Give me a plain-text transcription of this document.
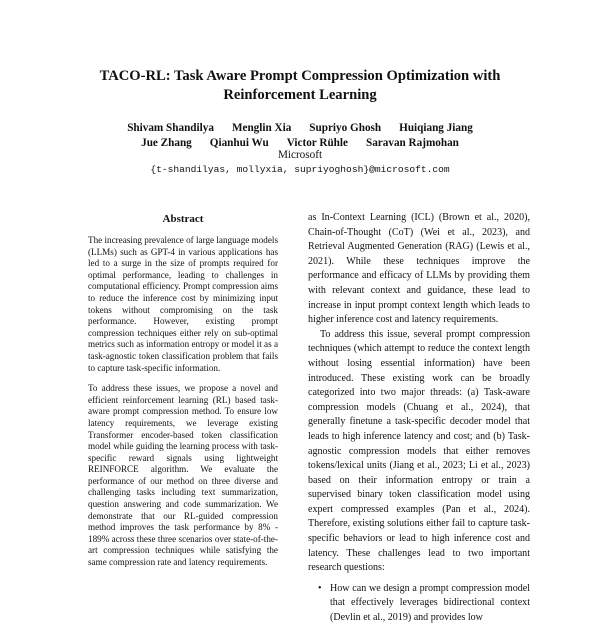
TACO-RL: Task Aware Prompt Compression Optimization with Reinforcement Learning
Shivam Shandilya Menglin Xia Supriyo Ghosh Huiqiang Jiang
Jue Zhang Qianhui Wu Victor Rühle Saravan Rajmohan
Microsoft
{t-shandilyas, mollyxia, supriyoghosh}@microsoft.com
Abstract

The increasing prevalence of large language models (LLMs) such as GPT-4 in various applications has led to a surge in the size of prompts required for optimal performance, leading to challenges in computational efficiency. Prompt compression aims to reduce the inference cost by minimizing input tokens without compromising on the task performance. However, existing prompt compression techniques either rely on sub-optimal metrics such as information entropy or model it as a task-agnostic token classification problem that fails to capture task-specific information.

To address these issues, we propose a novel and efficient reinforcement learning (RL) based task-aware prompt compression method. To ensure low latency requirements, we leverage existing Transformer encoder-based token classification model while guiding the learning process with task-specific reward signals using lightweight REINFORCE algorithm. We evaluate the performance of our method on three diverse and challenging tasks including text summarization, question answering and code summarization. We demonstrate that our RL-guided compression method improves the task performance by 8% - 189% across these three scenarios over state-of-the-art compression techniques while satisfying the same compression rate and latency requirements.

as In-Context Learning (ICL) (Brown et al., 2020), Chain-of-Thought (CoT) (Wei et al., 2023), and Retrieval Augmented Generation (RAG) (Lewis et al., 2021). While these techniques improve the performance and efficacy of LLMs by providing them with relevant context and guidance, these lead to increase in input prompt context length which leads to higher inference cost and latency requirements.

To address this issue, several prompt compression techniques (which attempt to reduce the context length without losing essential information) have been introduced. These existing work can be broadly categorized into two major threads: (a) Task-aware compression models (Chuang et al., 2024), that generally finetune a task-specific decoder model that leads to high inference latency and cost; and (b) Task-agnostic compression models that either removes tokens/lexical units (Jiang et al., 2023; Li et al., 2023) based on their information entropy or train a supervised binary token classification model using expert compressed examples (Pan et al., 2024). Therefore, existing solutions either fail to capture task-specific behaviors or lead to high inference cost and latency. These challenges lead to two important research questions:

• How can we design a prompt compression model that effectively leverages bidirectional context (Devlin et al., 2019) and provides low
